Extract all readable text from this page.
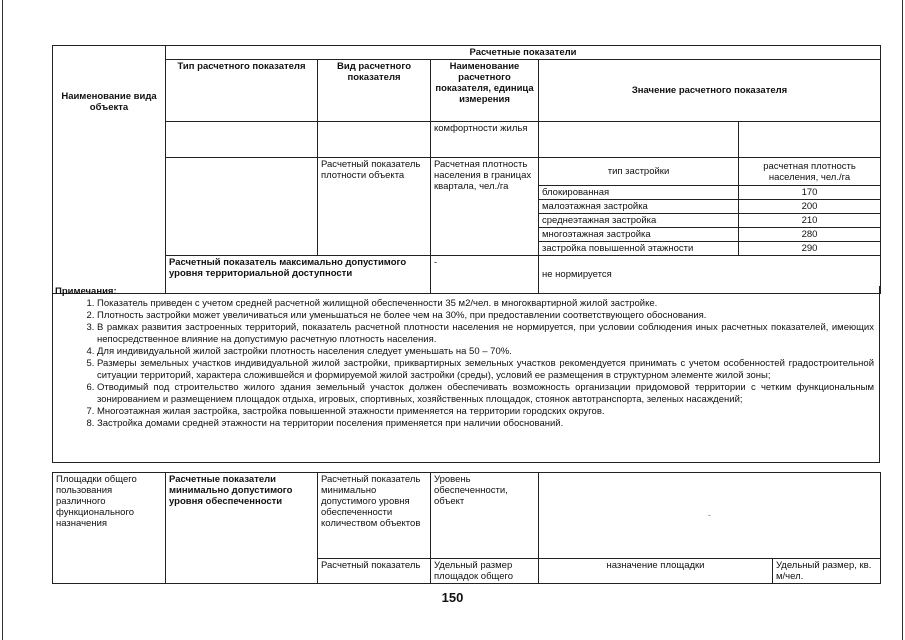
Наименование вида объекта	Расчетные показатели				
	Тип расчетного показателя	Вид расчетного показателя	Наименование расчетного показателя, единица измерения	Значение расчетного показателя	
			комфортности жилья		
		Расчетный показатель плотности объекта	Расчетная плотность населения в границах квартала, чел./га	тип застройки	расчетная плотность населения, чел./га
				блокированная	170
				малоэтажная застройка	200
				среднеэтажная застройка	210
				многоэтажная застройка	280
				застройка повышенной этажности	290
	Расчетный показатель максимально допустимого уровня территориальной доступности		-	не нормируется	
Примечания:
1. Показатель приведен с учетом средней расчетной жилищной обеспеченности 35 м2/чел. в многоквартирной жилой застройке.
2. Плотность застройки может увеличиваться или уменьшаться не более чем на 30%, при предоставлении соответствующего обоснования.
3. В рамках развития застроенных территорий, показатель расчетной плотности населения не нормируется, при условии соблюдения иных расчетных показателей, имеющих непосредственное влияние на допустимую расчетную плотность населения.
4. Для индивидуальной жилой застройки плотность населения следует уменьшать на 50 – 70%.
5. Размеры земельных участков индивидуальной жилой застройки, приквартирных земельных участков рекомендуется принимать с учетом особенностей градостроительной ситуации территорий, характера сложившейся и формируемой жилой застройки (среды), условий ее размещения в структурном элементе жилой зоны;
6. Отводимый под строительство жилого здания земельный участок должен обеспечивать возможность организации придомовой территории с четким функциональным зонированием и размещением площадок отдыха, игровых, спортивных, хозяйственных площадок, стоянок автотранспорта, зеленых насаждений;
7. Многоэтажная жилая застройка, застройка повышенной этажности применяется на территории городских округов.
8. Застройка домами средней этажности на территории поселения применяется при наличии обоснований.
Площадки общего пользования различного функционального назначения	Расчетные показатели минимально допустимого уровня обеспеченности	Расчетный показатель минимально допустимого уровня обеспеченности количеством объектов	Уровень обеспеченности, объект	-	
		Расчетный показатель	Удельный размер площадок общего	назначение площадки	Удельный размер, кв. м/чел.
150
